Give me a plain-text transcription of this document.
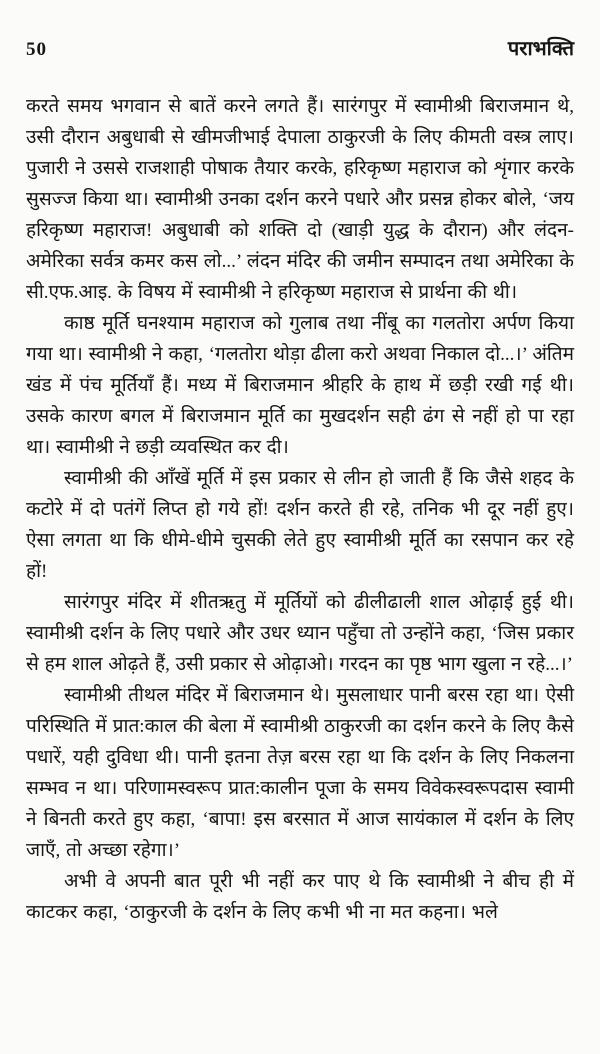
50	पराभक्ति

करते समय भगवान से बातें करने लगते हैं। सारंगपुर में स्वामीश्री बिराजमान थे, उसी दौरान अबुधाबी से खीमजीभाई देपाला ठाकुरजी के लिए कीमती वस्त्र लाए। पुजारी ने उससे राजशाही पोषाक तैयार करके, हरिकृष्ण महाराज को शृंगार करके सुसज्ज किया था। स्वामीश्री उनका दर्शन करने पधारे और प्रसन्न होकर बोले, ‘जय हरिकृष्ण महाराज! अबुधाबी को शक्ति दो (खाड़ी युद्ध के दौरान) और लंदन-अमेरिका सर्वत्र कमर कस लो...’ लंदन मंदिर की जमीन सम्पादन तथा अमेरिका के सी.एफ.आइ. के विषय में स्वामीश्री ने हरिकृष्ण महाराज से प्रार्थना की थी।

काष्ठ मूर्ति घनश्याम महाराज को गुलाब तथा नींबू का गलतोरा अर्पण किया गया था। स्वामीश्री ने कहा, ‘गलतोरा थोड़ा ढीला करो अथवा निकाल दो...।’ अंतिम खंड में पंच मूर्तियाँ हैं। मध्य में बिराजमान श्रीहरि के हाथ में छड़ी रखी गई थी। उसके कारण बगल में बिराजमान मूर्ति का मुखदर्शन सही ढंग से नहीं हो पा रहा था। स्वामीश्री ने छड़ी व्यवस्थित कर दी।

स्वामीश्री की आँखें मूर्ति में इस प्रकार से लीन हो जाती हैं कि जैसे शहद के कटोरे में दो पतंगें लिप्त हो गये हों! दर्शन करते ही रहे, तनिक भी दूर नहीं हुए। ऐसा लगता था कि धीमे-धीमे चुसकी लेते हुए स्वामीश्री मूर्ति का रसपान कर रहे हों!

सारंगपुर मंदिर में शीतऋतु में मूर्तियों को ढीलीढाली शाल ओढ़ाई हुई थी। स्वामीश्री दर्शन के लिए पधारे और उधर ध्यान पहुँचा तो उन्होंने कहा, ‘जिस प्रकार से हम शाल ओढ़ते हैं, उसी प्रकार से ओढ़ाओ। गरदन का पृष्ठ भाग खुला न रहे...।’

स्वामीश्री तीथल मंदिर में बिराजमान थे। मुसलाधार पानी बरस रहा था। ऐसी परिस्थिति में प्रात:काल की बेला में स्वामीश्री ठाकुरजी का दर्शन करने के लिए कैसे पधारें, यही दुविधा थी। पानी इतना तेज़ बरस रहा था कि दर्शन के लिए निकलना सम्भव न था। परिणामस्वरूप प्रात:कालीन पूजा के समय विवेकस्वरूपदास स्वामी ने बिनती करते हुए कहा, ‘बापा! इस बरसात में आज सायंकाल में दर्शन के लिए जाएँ, तो अच्छा रहेगा।’

अभी वे अपनी बात पूरी भी नहीं कर पाए थे कि स्वामीश्री ने बीच ही में काटकर कहा, ‘ठाकुरजी के दर्शन के लिए कभी भी ना मत कहना। भले
